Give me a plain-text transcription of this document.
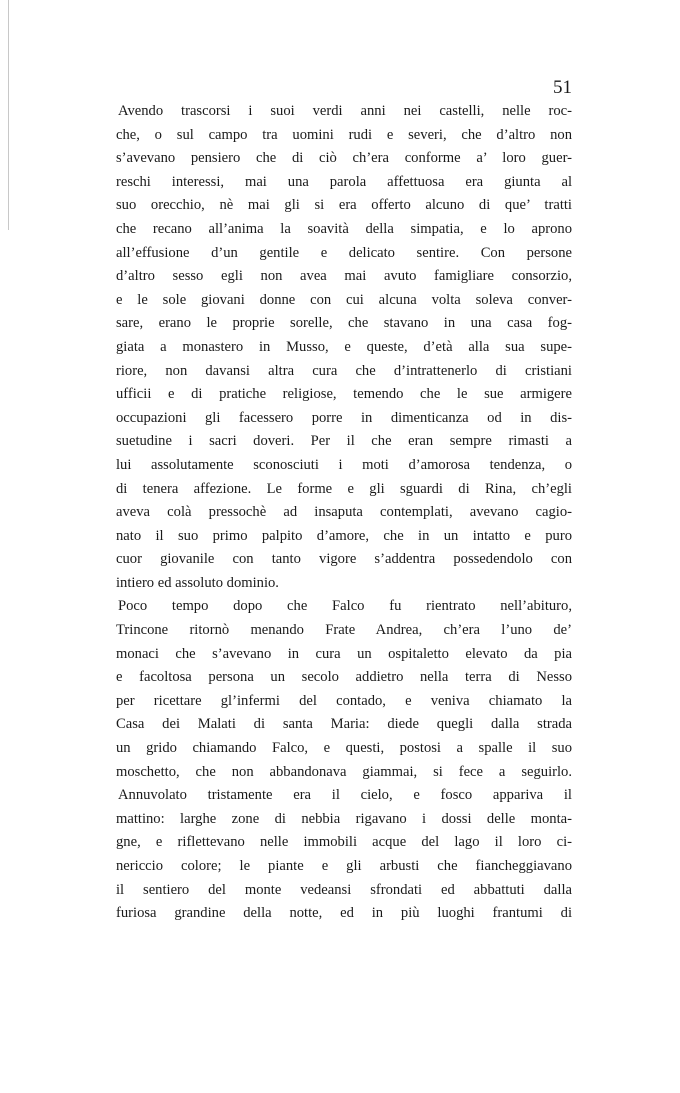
51
Avendo trascorsi i suoi verdi anni nei castelli, nelle roc-
che, o sul campo tra uomini rudi e severi, che d’altro non
s’avevano pensiero che di ciò ch’era conforme a’ loro guer-
reschi interessi, mai una parola affettuosa era giunta al
suo orecchio, nè mai gli si era offerto alcuno di que’ tratti
che recano all’anima la soavità della simpatia, e lo aprono
all’effusione d’un gentile e delicato sentire. Con persone
d’altro sesso egli non avea mai avuto famigliare consorzio,
e le sole giovani donne con cui alcuna volta soleva conver-
sare, erano le proprie sorelle, che stavano in una casa fog-
giata a monastero in Musso, e queste, d’età alla sua supe-
riore, non davansi altra cura che d’intrattenerlo di cristiani
ufficii e di pratiche religiose, temendo che le sue armigere
occupazioni gli facessero porre in dimenticanza od in dis-
suetudine i sacri doveri. Per il che eran sempre rimasti a
lui assolutamente sconosciuti i moti d’amorosa tendenza, o
di tenera affezione. Le forme e gli sguardi di Rina, ch’egli
aveva colà pressochè ad insaputa contemplati, avevano cagio-
nato il suo primo palpito d’amore, che in un intatto e puro
cuor giovanile con tanto vigore s’addentra possedendolo con
intiero ed assoluto dominio.
Poco tempo dopo che Falco fu rientrato nell’abituro,
Trincone ritornò menando Frate Andrea, ch’era l’uno de’
monaci che s’avevano in cura un ospitaletto elevato da pia
e facoltosa persona un secolo addietro nella terra di Nesso
per ricettare gl’infermi del contado, e veniva chiamato la
Casa dei Malati di santa Maria: diede quegli dalla strada
un grido chiamando Falco, e questi, postosi a spalle il suo
moschetto, che non abbandonava giammai, si fece a seguirlo.
Annuvolato tristamente era il cielo, e fosco appariva il
mattino: larghe zone di nebbia rigavano i dossi delle monta-
gne, e riflettevano nelle immobili acque del lago il loro ci-
nericcio colore; le piante e gli arbusti che fiancheggiavano
il sentiero del monte vedeansi sfrondati ed abbattuti dalla
furiosa grandine della notte, ed in più luoghi frantumi di
